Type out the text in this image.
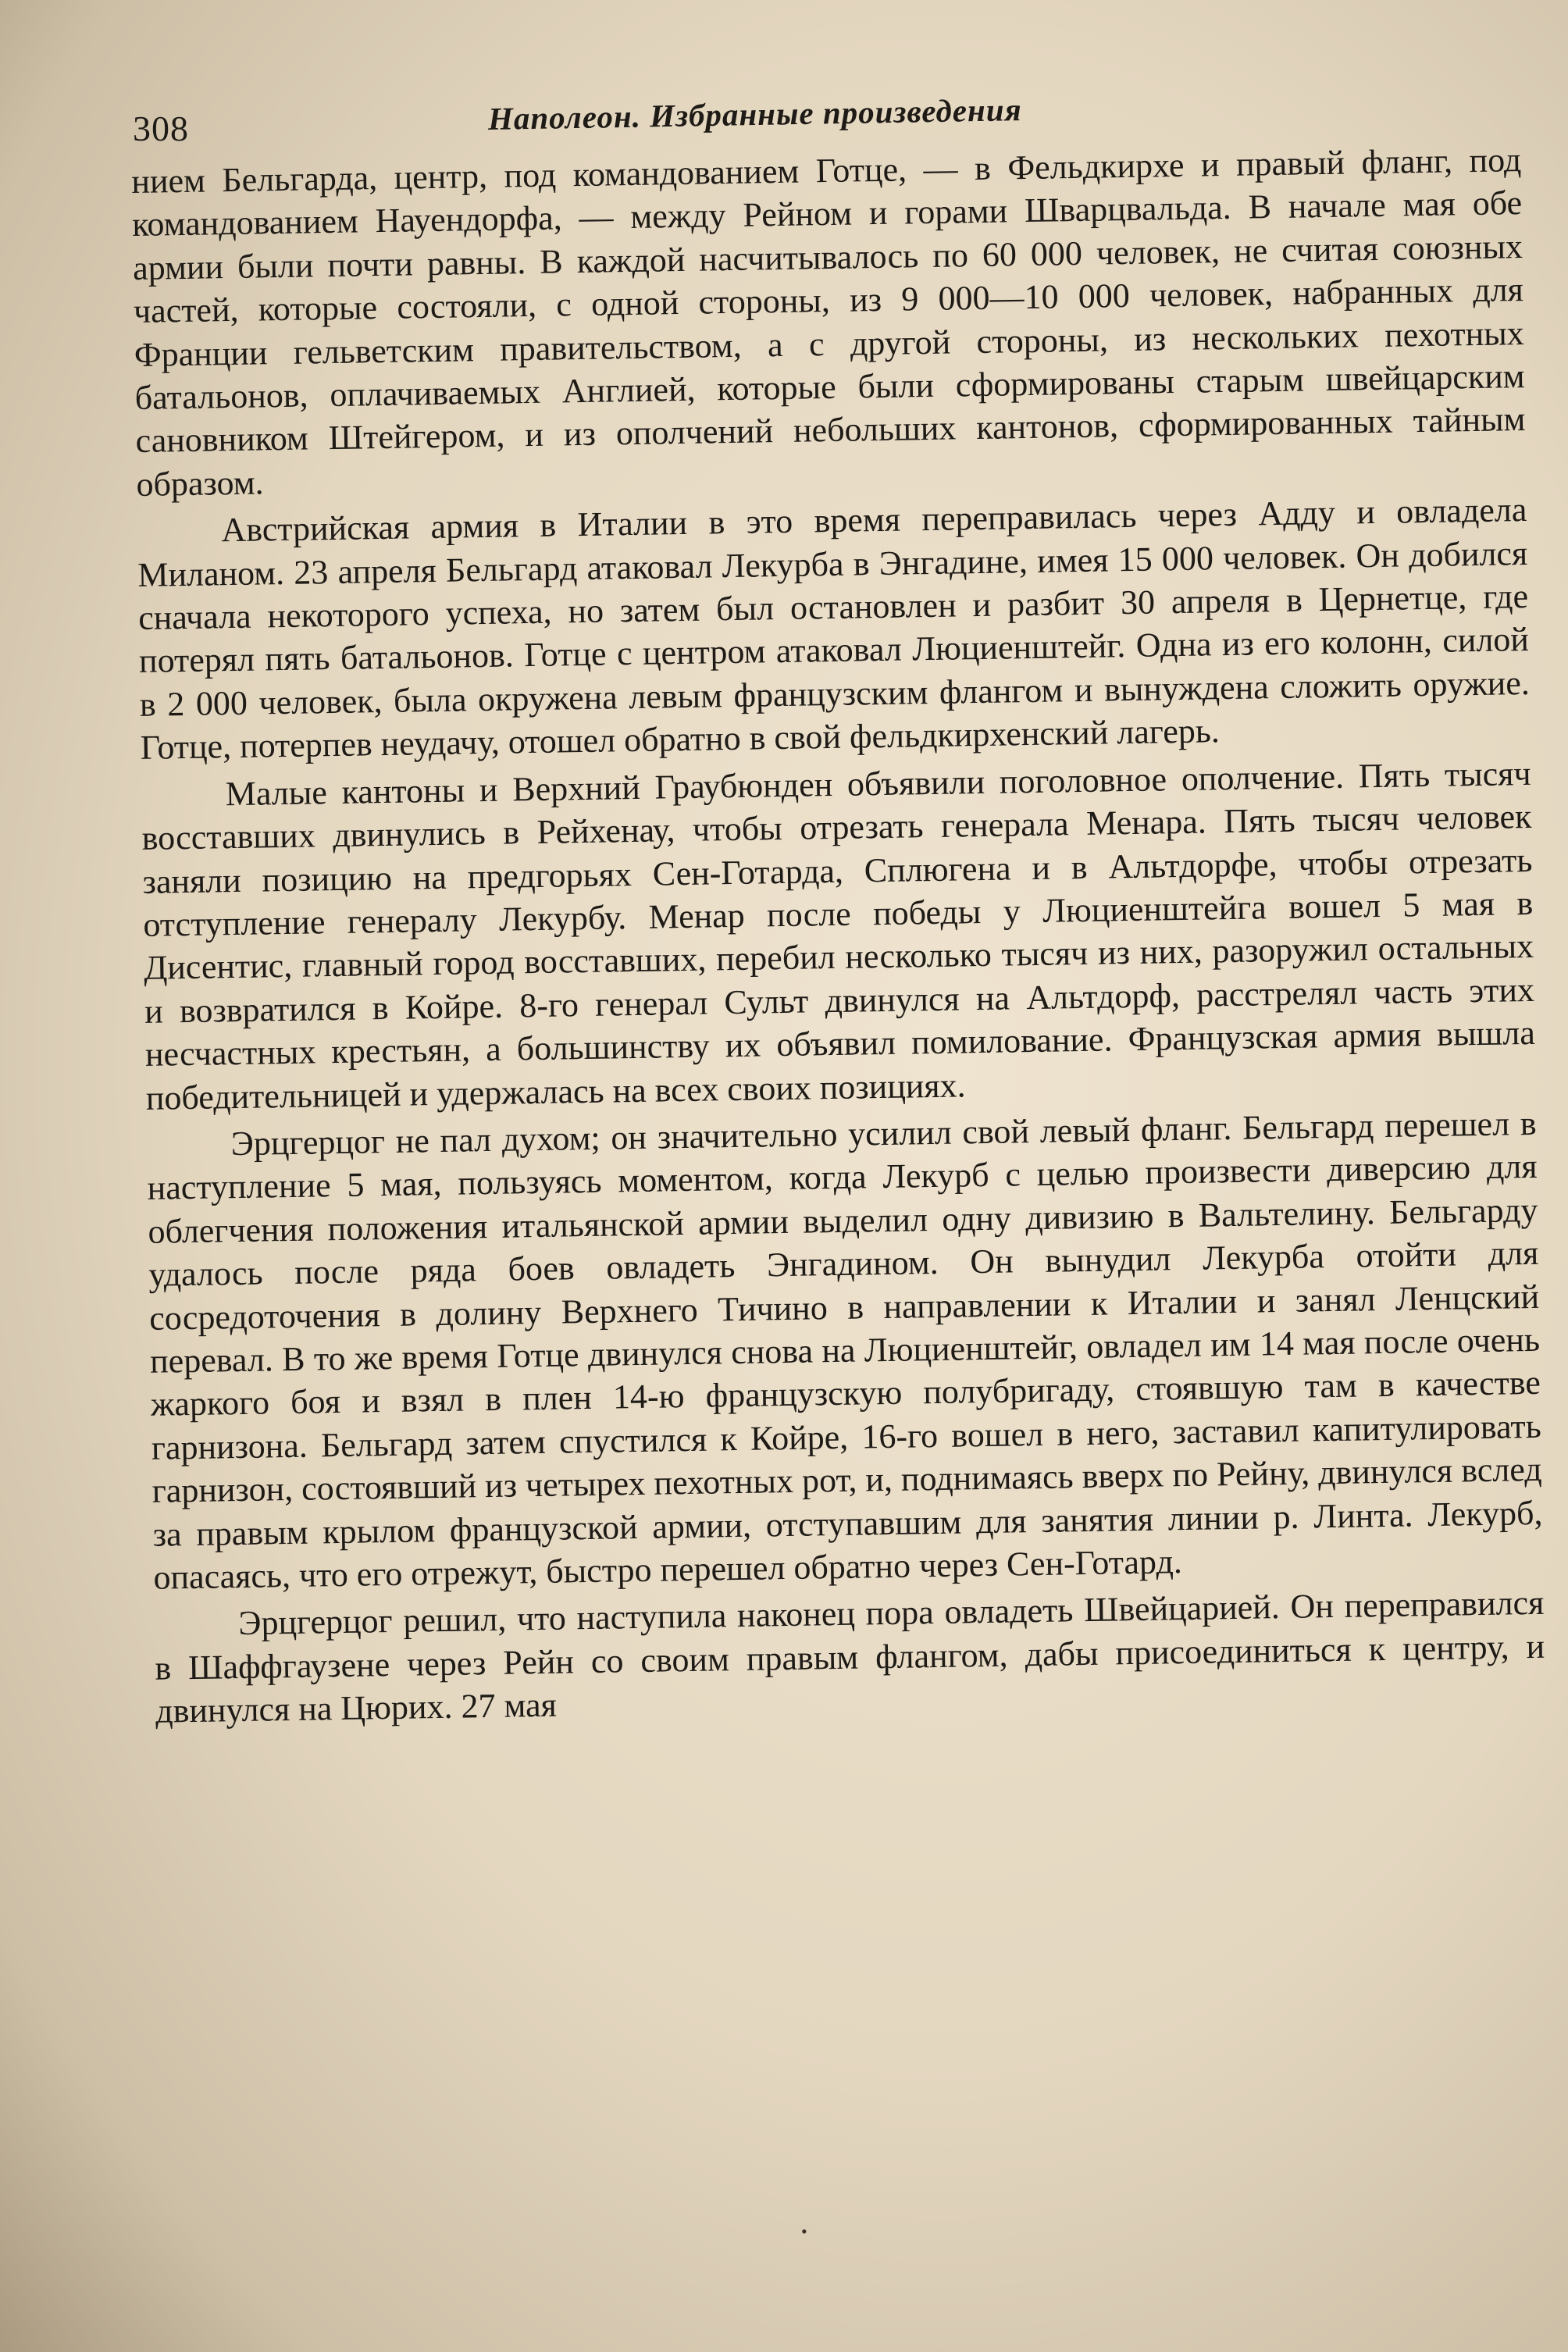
308	Наполеон. Избранные произведения

нием Бельгарда, центр, под командованием Готце, — в Фельдкирхе и правый фланг, под командованием Науендорфа, — между Рейном и горами Шварцвальда. В начале мая обе армии были почти равны. В каждой насчитывалось по 60 000 человек, не считая союзных частей, которые состояли, с одной стороны, из 9 000—10 000 человек, набранных для Франции гельветским правительством, а с другой стороны, из нескольких пехотных батальонов, оплачиваемых Англией, которые были сформированы старым швейцарским сановником Штейгером, и из ополчений небольших кантонов, сформированных тайным образом.

Австрийская армия в Италии в это время переправилась через Адду и овладела Миланом. 23 апреля Бельгард атаковал Лекурба в Энгадине, имея 15 000 человек. Он добился сначала некоторого успеха, но затем был остановлен и разбит 30 апреля в Цернетце, где потерял пять батальонов. Готце с центром атаковал Люциенштейг. Одна из его колонн, силой в 2 000 человек, была окружена левым французским флангом и вынуждена сложить оружие. Готце, потерпев неудачу, отошел обратно в свой фельдкирхенский лагерь.

Малые кантоны и Верхний Граубюнден объявили поголовное ополчение. Пять тысяч восставших двинулись в Рейхенау, чтобы отрезать генерала Менара. Пять тысяч человек заняли позицию на предгорьях Сен-Готарда, Сплюгена и в Альтдорфе, чтобы отрезать отступление генералу Лекурбу. Менар после победы у Люциенштейга вошел 5 мая в Дисентис, главный город восставших, перебил несколько тысяч из них, разоружил остальных и возвратился в Койре. 8-го генерал Сульт двинулся на Альтдорф, расстрелял часть этих несчастных крестьян, а большинству их объявил помилование. Французская армия вышла победительницей и удержалась на всех своих позициях.

Эрцгерцог не пал духом; он значительно усилил свой левый фланг. Бельгард перешел в наступление 5 мая, пользуясь моментом, когда Лекурб с целью произвести диверсию для облегчения положения итальянской армии выделил одну дивизию в Вальтелину. Бельгарду удалось после ряда боев овладеть Энгадином. Он вынудил Лекурба отойти для сосредоточения в долину Верхнего Тичино в направлении к Италии и занял Ленцский перевал. В то же время Готце двинулся снова на Люциенштейг, овладел им 14 мая после очень жаркого боя и взял в плен 14-ю французскую полубригаду, стоявшую там в качестве гарнизона. Бельгард затем спустился к Койре, 16-го вошел в него, заставил капитулировать гарнизон, состоявший из четырех пехотных рот, и, поднимаясь вверх по Рейну, двинулся вслед за правым крылом французской армии, отступавшим для занятия линии р. Линта. Лекурб, опасаясь, что его отрежут, быстро перешел обратно через Сен-Готард.

Эрцгерцог решил, что наступила наконец пора овладеть Швейцарией. Он переправился в Шаффгаузене через Рейн со своим правым флангом, дабы присоединиться к центру, и двинулся на Цюрих. 27 мая

•
